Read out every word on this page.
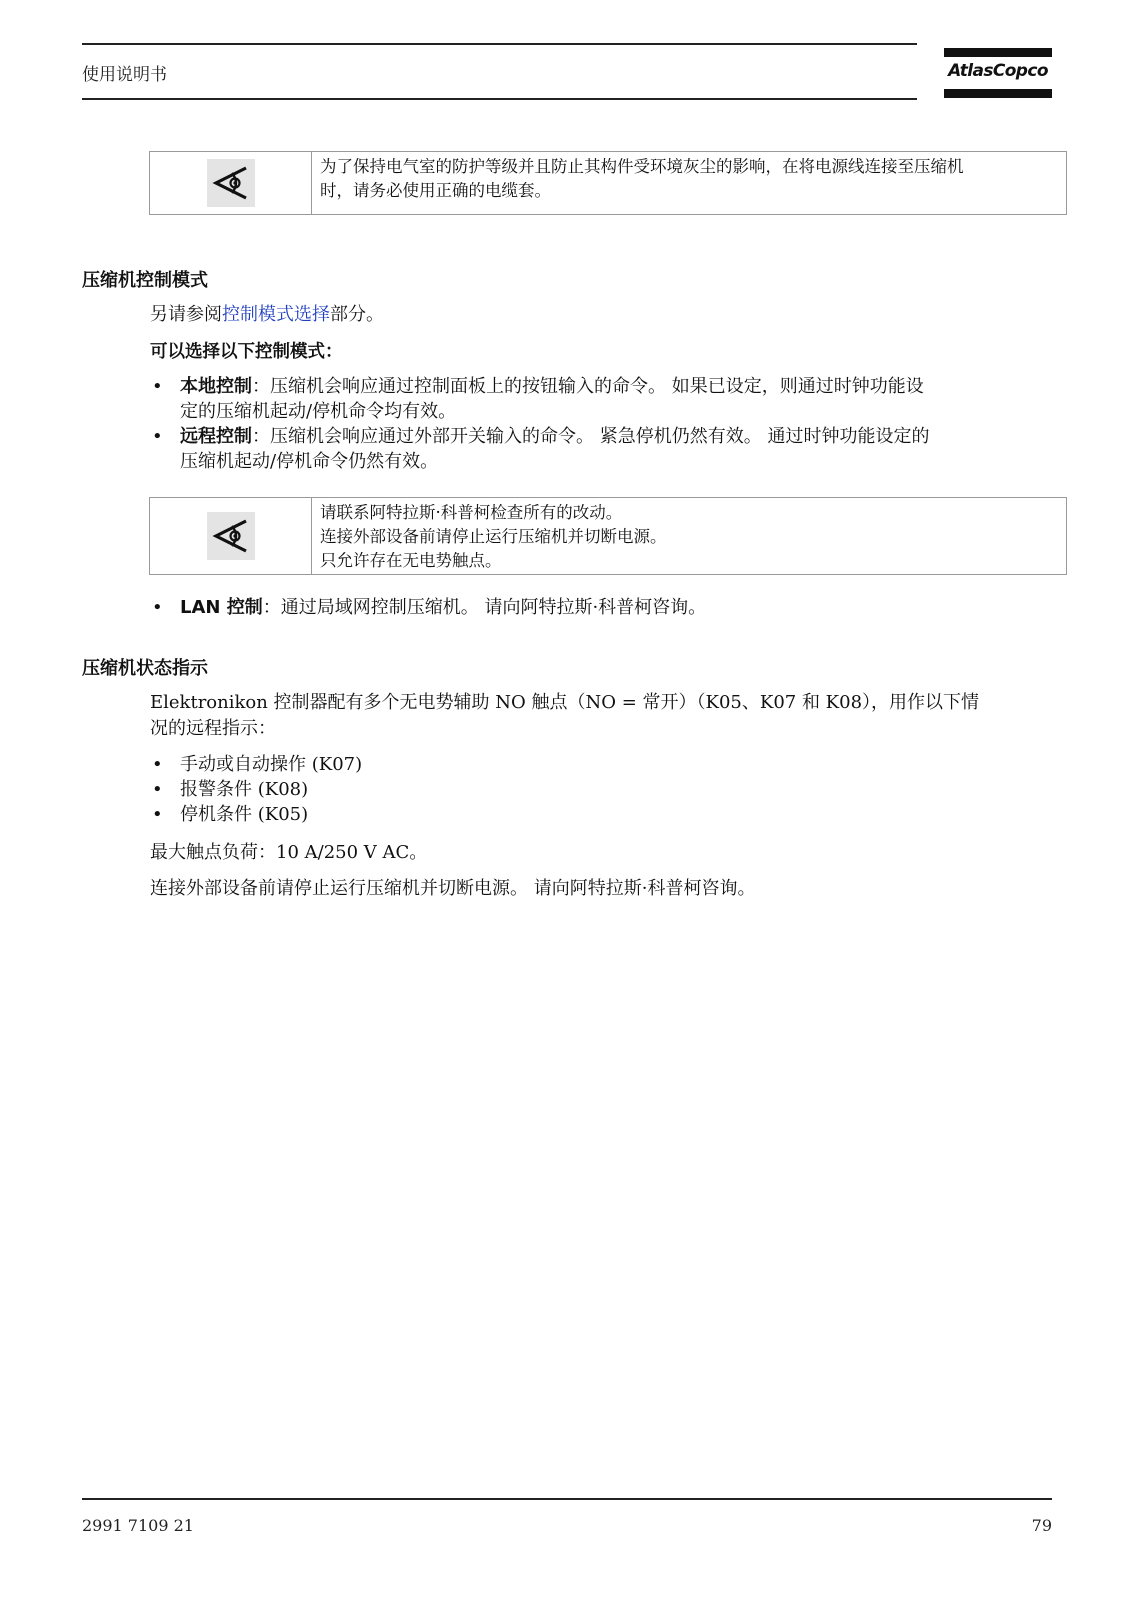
使用说明书	AtlasCopco
为了保持电气室的防护等级并且防止其构件受环境灰尘的影响，在将电源线连接至压缩机
时，请务必使用正确的电缆套。
压缩机控制模式
另请参阅控制模式选择部分。
可以选择以下控制模式：
• 本地控制：压缩机会响应通过控制面板上的按钮输入的命令。 如果已设定，则通过时钟功能设
定的压缩机起动/停机命令均有效。
• 远程控制：压缩机会响应通过外部开关输入的命令。 紧急停机仍然有效。 通过时钟功能设定的
压缩机起动/停机命令仍然有效。
请联系阿特拉斯·科普柯检查所有的改动。
连接外部设备前请停止运行压缩机并切断电源。
只允许存在无电势触点。
• LAN 控制：通过局域网控制压缩机。 请向阿特拉斯·科普柯咨询。
压缩机状态指示
Elektronikon 控制器配有多个无电势辅助 NO 触点（NO = 常开）（K05、K07 和 K08），用作以下情
况的远程指示：
• 手动或自动操作 (K07)
• 报警条件 (K08)
• 停机条件 (K05)
最大触点负荷：10 A/250 V AC。
连接外部设备前请停止运行压缩机并切断电源。 请向阿特拉斯·科普柯咨询。
2991 7109 21	79
